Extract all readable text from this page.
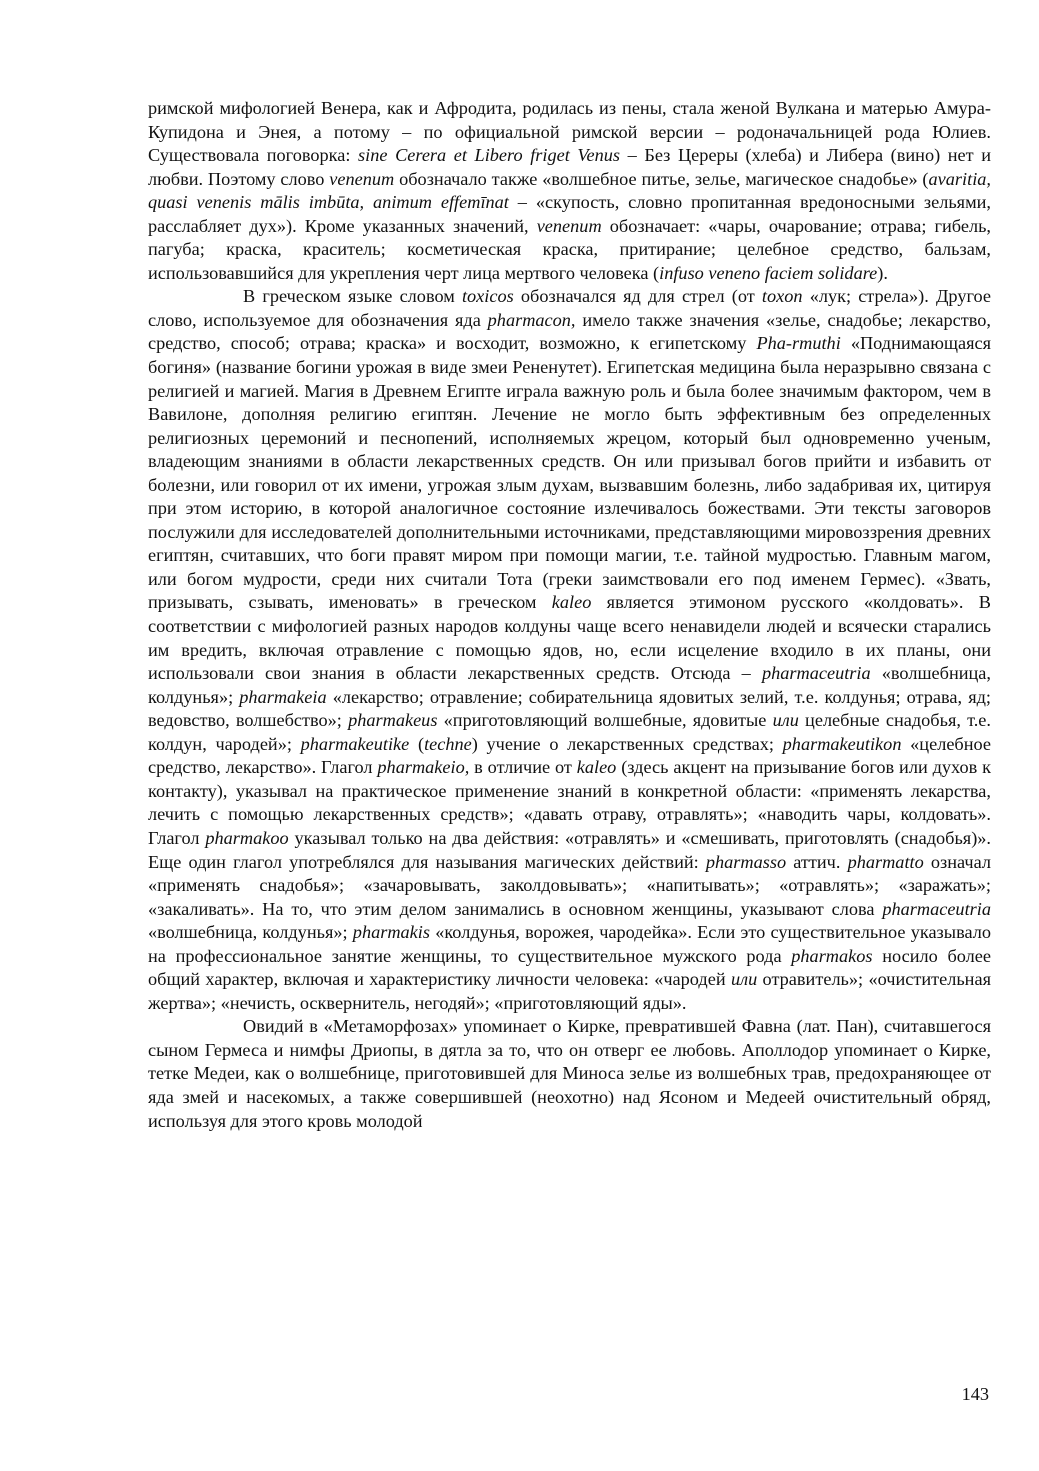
римской мифологией Венера, как и Афродита, родилась из пены, стала женой Вулкана и матерью Амура-Купидона и Энея, а потому – по официальной римской версии – родоначальницей рода Юлиев. Существовала поговорка: sine Cerera et Libero friget Venus – Без Цереры (хлеба) и Либера (вино) нет и любви. Поэтому слово venenum обозначало также «волшебное питье, зелье, магическое снадобье» (avaritia, quasi venenis mālis imbūta, animum effemīnat – «скупость, словно пропитанная вредоносными зельями, расслабляет дух»). Кроме указанных значений, venenum обозначает: «чары, очарование; отрава; гибель, пагуба; краска, краситель; косметическая краска, притирание; целебное средство, бальзам, использовавшийся для укрепления черт лица мертвого человека (infuso veneno faciem solidare).

В греческом языке словом toxicos обозначался яд для стрел (от toxon «лук; стрела»). Другое слово, используемое для обозначения яда pharmacon, имело также значения «зелье, снадобье; лекарство, средство, способ; отрава; краска» и восходит, возможно, к египетскому Pha-rmuthi «Поднимающаяся богиня» (название богини урожая в виде змеи Рененутет). Египетская медицина была неразрывно связана с религией и магией. Магия в Древнем Египте играла важную роль и была более значимым фактором, чем в Вавилоне, дополняя религию египтян. Лечение не могло быть эффективным без определенных религиозных церемоний и песнопений, исполняемых жрецом, который был одновременно ученым, владеющим знаниями в области лекарственных средств. Он или призывал богов прийти и избавить от болезни, или говорил от их имени, угрожая злым духам, вызвавшим болезнь, либо задабривая их, цитируя при этом историю, в которой аналогичное состояние излечивалось божествами. Эти тексты заговоров послужили для исследователей дополнительными источниками, представляющими мировоззрения древних египтян, считавших, что боги правят миром при помощи магии, т.е. тайной мудростью. Главным магом, или богом мудрости, среди них считали Тота (греки заимствовали его под именем Гермес). «Звать, призывать, сзывать, именовать» в греческом kaleo является этимоном русского «колдовать». В соответствии с мифологией разных народов колдуны чаще всего ненавидели людей и всячески старались им вредить, включая отравление с помощью ядов, но, если исцеление входило в их планы, они использовали свои знания в области лекарственных средств. Отсюда – pharmaceutria «волшебница, колдунья»; pharmakeia «лекарство; отравление; собирательница ядовитых зелий, т.е. колдунья; отрава, яд; ведовство, волшебство»; pharmakeus «приготовляющий волшебные, ядовитые или целебные снадобья, т.е. колдун, чародей»; pharmakeutike (techne) учение о лекарственных средствах; pharmakeutikon «целебное средство, лекарство». Глагол pharmakeio, в отличие от kaleo (здесь акцент на призывание богов или духов к контакту), указывал на практическое применение знаний в конкретной области: «применять лекарства, лечить с помощью лекарственных средств»; «давать отраву, отравлять»; «наводить чары, колдовать». Глагол pharmakoo указывал только на два действия: «отравлять» и «смешивать, приготовлять (снадобья)». Еще один глагол употреблялся для называния магических действий: pharmasso аттич. pharmatto означал «применять снадобья»; «зачаровывать, заколдовывать»; «напитывать»; «отравлять»; «заражать»; «закаливать». На то, что этим делом занимались в основном женщины, указывают слова pharmaceutria «волшебница, колдунья»; pharmakis «колдунья, ворожея, чародейка». Если это существительное указывало на профессиональное занятие женщины, то существительное мужского рода pharmakos носило более общий характер, включая и характеристику личности человека: «чародей или отравитель»; «очистительная жертва»; «нечисть, осквернитель, негодяй»; «приготовляющий яды».

Овидий в «Метаморфозах» упоминает о Кирке, превратившей Фавна (лат. Пан), считавшегося сыном Гермеса и нимфы Дриопы, в дятла за то, что он отверг ее любовь. Аполлодор упоминает о Кирке, тетке Медеи, как о волшебнице, приготовившей для Миноса зелье из волшебных трав, предохраняющее от яда змей и насекомых, а также совершившей (неохотно) над Ясоном и Медеей очистительный обряд, используя для этого кровь молодой

143
